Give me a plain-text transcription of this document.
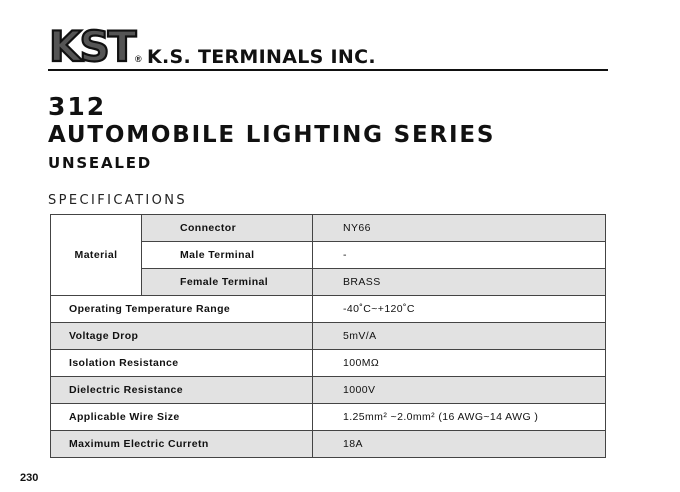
KST ® K.S. TERMINALS INC.
312
AUTOMOBILE LIGHTING SERIES
UNSEALED
SPECIFICATIONS
Material	Connector	NY66
	Male Terminal	-
	Female Terminal	BRASS
Operating Temperature Range		-40˚C~+120˚C
Voltage Drop		5mV/A
Isolation Resistance		100MΩ
Dielectric Resistance		1000V
Applicable Wire Size		1.25mm² ~2.0mm² (16 AWG~14 AWG )
Maximum Electric Curretn		18A
230
